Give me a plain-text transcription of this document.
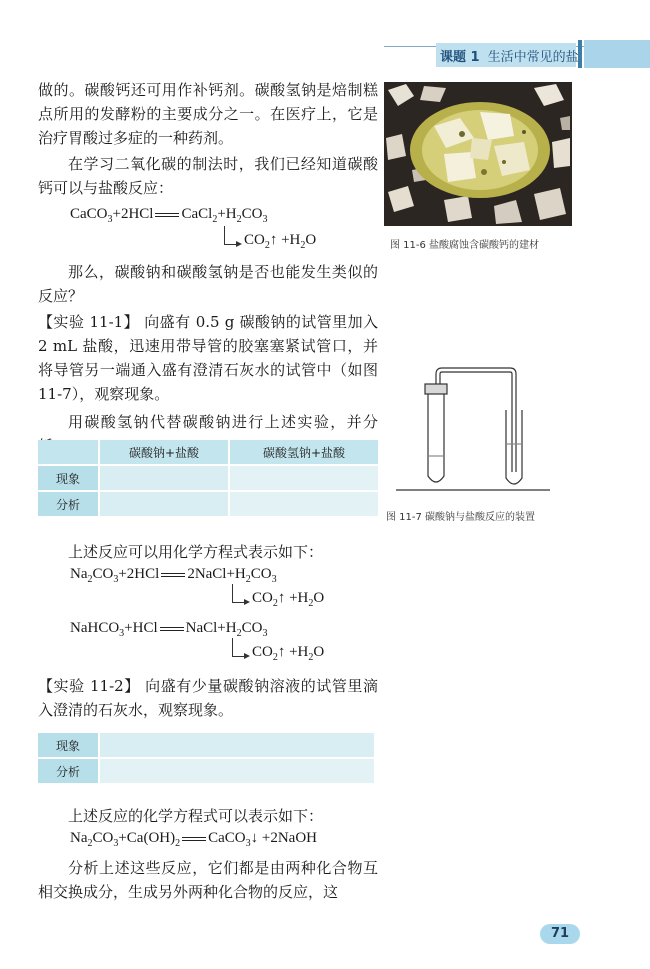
课题 1 生活中常见的盐

做的。碳酸钙还可用作补钙剂。碳酸氢钠是焙制糕点所用的发酵粉的主要成分之一。在医疗上，它是治疗胃酸过多症的一种药剂。

在学习二氧化碳的制法时，我们已经知道碳酸钙可以与盐酸反应：

CaCO$_3$+2HCl $CaCl_2+H_2CO_3$
$CO_2↑ +H_2O$

那么，碳酸钠和碳酸氢钠是否也能发生类似的反应？

【实验 11-1】 向盛有 0.5 g 碳酸钠的试管里加入 2 mL 盐酸，迅速用带导管的胶塞塞紧试管口，并将导管另一端通入盛有澄清石灰水的试管中（如图 11-7），观察现象。

用碳酸氢钠代替碳酸钠进行上述实验，并分

		碳酸钠+盐酸		碳酸氢钠+盐酸
现象				
分析				

上述反应可以用化学方程式表示如下：

$Na_2CO_3+2HCl$ $2NaCl+H_2CO_3$
$CO_2↑ +H_2O$
NaHCO$_3$+HCl $NaCl+H_2CO_3$
$CO_2↑ +H_2O$

【实验 11-2】 向盛有少量碳酸钠溶液的试管里滴入澄清的石灰水，观察现象。

现象		
分析		

上述反应的化学方程式可以表示如下：

$Na_2CO_3+Ca(OH)_2$ CaCO$_3$↓ +2NaOH

分析上述这些反应，它们都是由两种化合物互相交换成分，生成另外两种化合物的反应，这

图 11-6 盐酸腐蚀含碳酸钙的建材
图 11-7 碳酸钠与盐酸反应的装置
71
